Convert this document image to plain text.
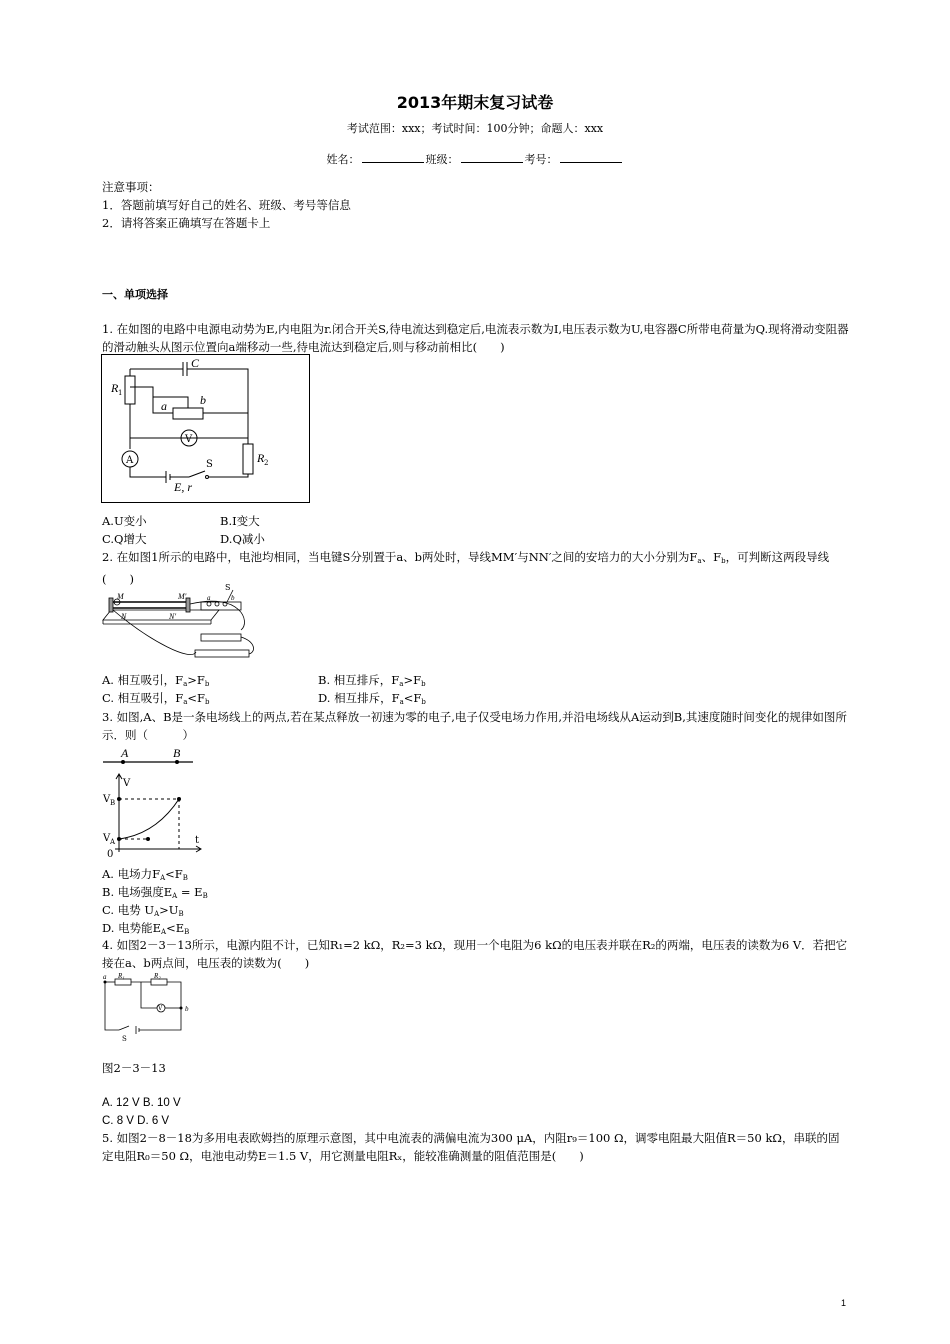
2013年期末复习试卷
考试范围：xxx；考试时间：100分钟；命题人：xxx
姓名：	班级：	考号：
注意事项：
1．答题前填写好自己的姓名、班级、考号等信息
2．请将答案正确填写在答题卡上
一、单项选择
1. 在如图的电路中电源电动势为E,内电阻为r.闭合开关S,待电流达到稳定后,电流表示数为I,电压表示数为U,电容器C所带电荷量为Q.现将滑动变阻器的滑动触头从图示位置向a端移动一些,待电流达到稳定后,则与移动前相比(　　)
C
R 1
a	b
V
A	R 2
S
E, r
A.U变小	B.I变大
C.Q增大	D.Q减小
2. 在如图1所示的电路中，电池均相同，当电键S分别置于a、b两处时，导线MM′与NN′之间的安培力的大小分别为$F_a$、$F_b$，可判断这两段导线(　　)
M	M'
N	N'
S
a	b
A. 相互吸引，$F_a>F_b$	B. 相互排斥，$F_a>F_b$
C. 相互吸引，$F_a<F_b$	D. 相互排斥，$F_a<F_b$
3. 如图,A、B是一条电场线上的两点,若在某点释放一初速为零的电子,电子仅受电场力作用,并沿电场线从A运动到B,其速度随时间变化的规律如图所示．则（　　　）
A	B
V
V B
V A
0
t
A. 电场力$F_A<F_B$
B. 电场强度$E_A = E_B$
C. 电势 $U_A>U_B$
D. 电势能$E_A<E_B$
4. 如图2－3－13所示，电源内阻不计，已知R₁=2 kΩ，R₂=3 kΩ，现用一个电阻为6 kΩ的电压表并联在R₂的两端，电压表的读数为6 V．若把它接在a、b两点间，电压表的读数为(　　)
a
b
R₁	R₂
V
S
图2－3－13
A. 12 V B. 10 V
C. 8 V D. 6 V
5. 如图2－8－18为多用电表欧姆挡的原理示意图，其中电流表的满偏电流为300 μA，内阻r₉＝100 Ω，调零电阻最大阻值R＝50 kΩ，串联的固定电阻R₀＝50 Ω，电池电动势E＝1.5 V，用它测量电阻Rₓ，能较准确测量的阻值范围是(　　)
1
